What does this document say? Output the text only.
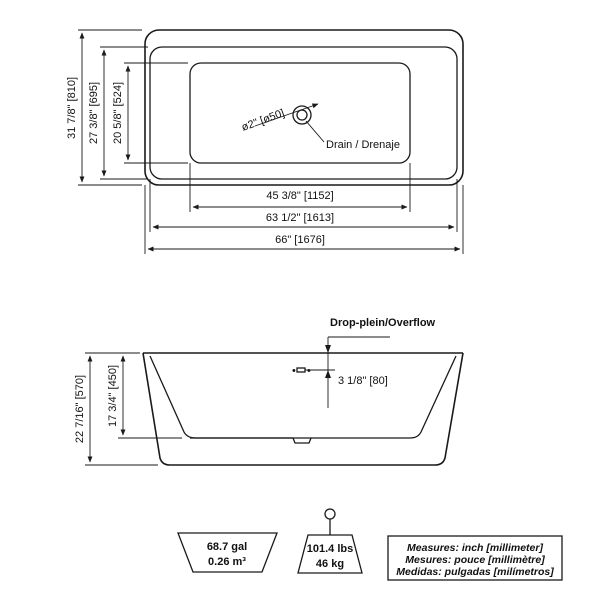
ø2" [ø50]
Drain / Drenaje
31 7/8" [810] 27 3/8" [695] 20 5/8" [524]
45 3/8" [1152]
63 1/2" [1613]
66" [1676]
• •
Drop-plein/Overflow
3 1/8" [80]
22 7/16" [570] 17 3/4" [450]
68.7 gal
0.26 m³
101.4 lbs
46 kg
Measures: inch [millimeter]
Mesures: pouce [millimètre]
Medidas: pulgadas [milímetros]
